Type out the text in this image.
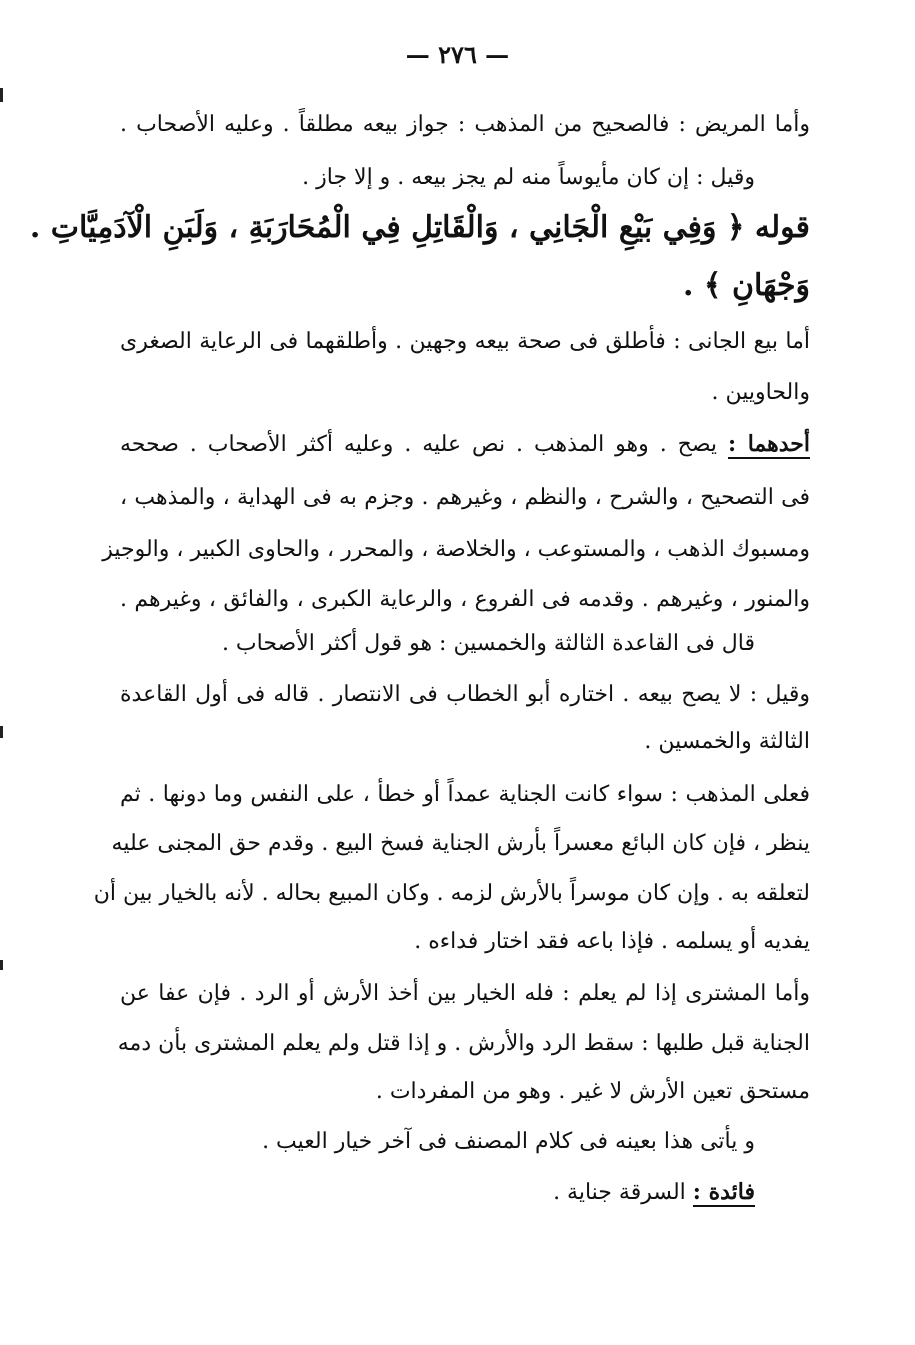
— ٢٧٦ —
وأما المريض : فالصحيح من المذهب : جواز بيعه مطلقاً . وعليه الأصحاب .
وقيل : إن كان مأيوساً منه لم يجز بيعه . و إلا جاز .
قوله ﴿ وَفِي بَيْعِ الْجَانِي ، وَالْقَاتِلِ فِي الْمُحَارَبَةِ ، وَلَبَنِ الْآدَمِيَّاتِ .
وَجْهَانِ ﴾ .
أما بيع الجانى : فأطلق فى صحة بيعه وجهين . وأطلقهما فى الرعاية الصغرى
والحاويين .
أحدهما : يصح . وهو المذهب . نص عليه . وعليه أكثر الأصحاب . صححه
فى التصحيح ، والشرح ، والنظم ، وغيرهم . وجزم به فى الهداية ، والمذهب ،
ومسبوك الذهب ، والمستوعب ، والخلاصة ، والمحرر ، والحاوى الكبير ، والوجيز
والمنور ، وغيرهم . وقدمه فى الفروع ، والرعاية الكبرى ، والفائق ، وغيرهم .
قال فى القاعدة الثالثة والخمسين : هو قول أكثر الأصحاب .
وقيل : لا يصح بيعه . اختاره أبو الخطاب فى الانتصار . قاله فى أول القاعدة
الثالثة والخمسين .
فعلى المذهب : سواء كانت الجناية عمداً أو خطأ ، على النفس وما دونها . ثم
ينظر ، فإن كان البائع معسراً بأرش الجناية فسخ البيع . وقدم حق المجنى عليه
لتعلقه به . وإن كان موسراً بالأرش لزمه . وكان المبيع بحاله . لأنه بالخيار بين أن
يفديه أو يسلمه . فإذا باعه فقد اختار فداءه .
وأما المشترى إذا لم يعلم : فله الخيار بين أخذ الأرش أو الرد . فإن عفا عن
الجناية قبل طلبها : سقط الرد والأرش . و إذا قتل ولم يعلم المشترى بأن دمه
مستحق تعين الأرش لا غير . وهو من المفردات .
و يأتى هذا بعينه فى كلام المصنف فى آخر خيار العيب .
فائدة : السرقة جناية .
